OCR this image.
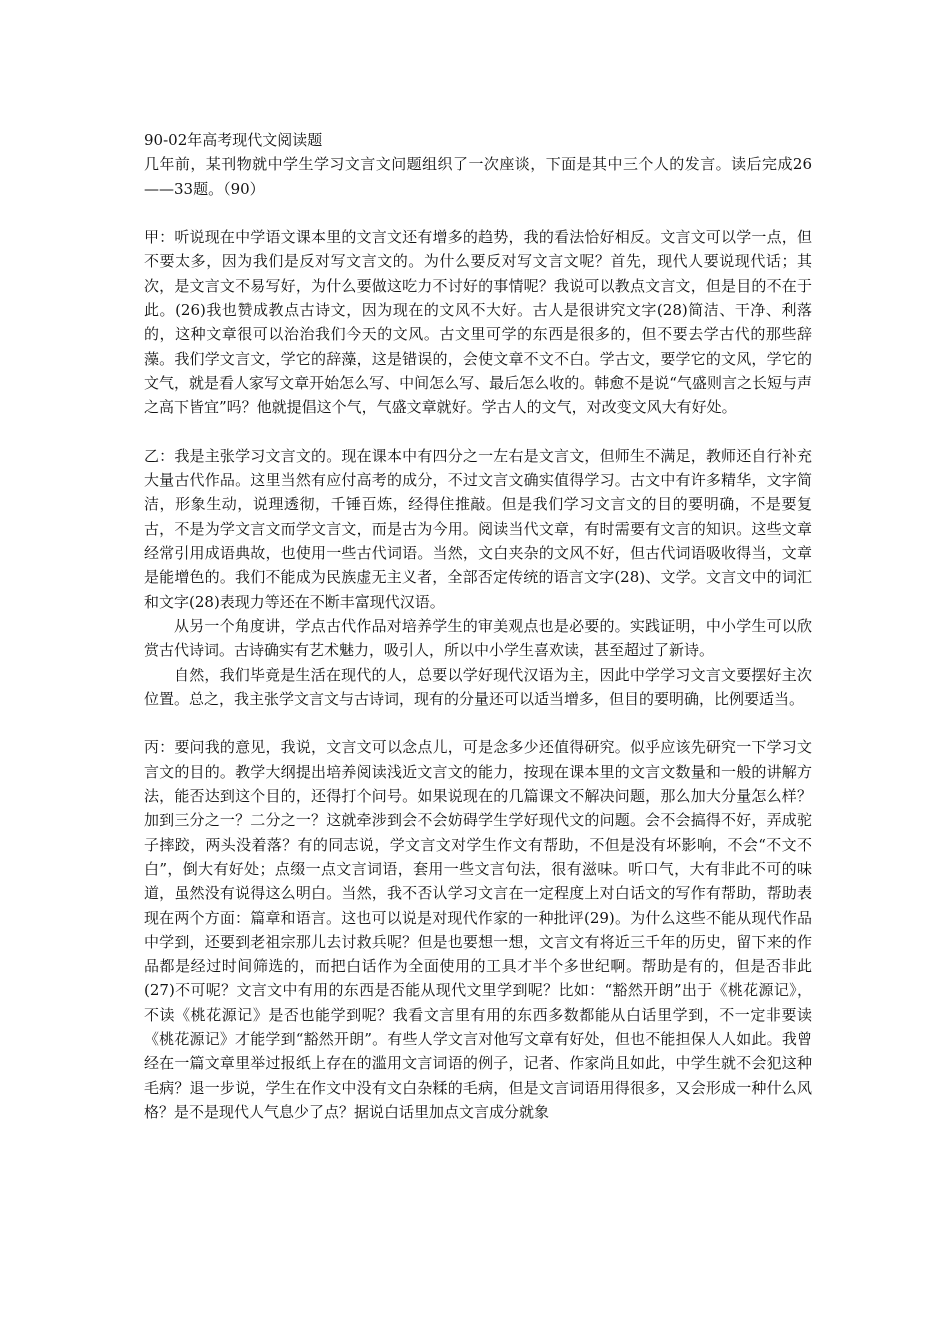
90-02年高考现代文阅读题

几年前，某刊物就中学生学习文言文问题组织了一次座谈，下面是其中三个人的发言。读后完成26——33题。（90）

甲：听说现在中学语文课本里的文言文还有增多的趋势，我的看法恰好相反。文言文可以学一点，但不要太多，因为我们是反对写文言文的。为什么要反对写文言文呢？首先，现代人要说现代话；其次，是文言文不易写好，为什么要做这吃力不讨好的事情呢？我说可以教点文言文，但是目的不在于此。(26)我也赞成教点古诗文，因为现在的文风不大好。古人是很讲究文字(28)简洁、干净、利落的，这种文章很可以治治我们今天的文风。古文里可学的东西是很多的，但不要去学古代的那些辞藻。我们学文言文，学它的辞藻，这是错误的，会使文章不文不白。学古文，要学它的文风，学它的文气，就是看人家写文章开始怎么写、中间怎么写、最后怎么收的。韩愈不是说“气盛则言之长短与声之高下皆宜”吗？他就提倡这个气，气盛文章就好。学古人的文气，对改变文风大有好处。

乙：我是主张学习文言文的。现在课本中有四分之一左右是文言文，但师生不满足，教师还自行补充大量古代作品。这里当然有应付高考的成分，不过文言文确实值得学习。古文中有许多精华，文字简洁，形象生动，说理透彻，千锤百炼，经得住推敲。但是我们学习文言文的目的要明确，不是要复古，不是为学文言文而学文言文，而是古为今用。阅读当代文章，有时需要有文言的知识。这些文章经常引用成语典故，也使用一些古代词语。当然，文白夹杂的文风不好，但古代词语吸收得当，文章是能增色的。我们不能成为民族虚无主义者，全部否定传统的语言文字(28)、文学。文言文中的词汇和文字(28)表现力等还在不断丰富现代汉语。

从另一个角度讲，学点古代作品对培养学生的审美观点也是必要的。实践证明，中小学生可以欣赏古代诗词。古诗确实有艺术魅力，吸引人，所以中小学生喜欢读，甚至超过了新诗。

自然，我们毕竟是生活在现代的人，总要以学好现代汉语为主，因此中学学习文言文要摆好主次位置。总之，我主张学文言文与古诗词，现有的分量还可以适当增多，但目的要明确，比例要适当。

丙：要问我的意见，我说，文言文可以念点儿，可是念多少还值得研究。似乎应该先研究一下学习文言文的目的。教学大纲提出培养阅读浅近文言文的能力，按现在课本里的文言文数量和一般的讲解方法，能否达到这个目的，还得打个问号。如果说现在的几篇课文不解决问题，那么加大分量怎么样？加到三分之一？二分之一？这就牵涉到会不会妨碍学生学好现代文的问题。会不会搞得不好，弄成驼子摔跤，两头没着落？有的同志说，学文言文对学生作文有帮助，不但是没有坏影响，不会“不文不白”，倒大有好处；点缀一点文言词语，套用一些文言句法，很有滋味。听口气，大有非此不可的味道，虽然没有说得这么明白。当然，我不否认学习文言在一定程度上对白话文的写作有帮助，帮助表现在两个方面：篇章和语言。这也可以说是对现代作家的一种批评(29)。为什么这些不能从现代作品中学到，还要到老祖宗那儿去讨救兵呢？但是也要想一想，文言文有将近三千年的历史，留下来的作品都是经过时间筛选的，而把白话作为全面使用的工具才半个多世纪啊。帮助是有的，但是否非此(27)不可呢？文言文中有用的东西是否能从现代文里学到呢？比如：“豁然开朗”出于《桃花源记》，不读《桃花源记》是否也能学到呢？我看文言里有用的东西多数都能从白话里学到，不一定非要读《桃花源记》才能学到“豁然开朗”。有些人学文言对他写文章有好处，但也不能担保人人如此。我曾经在一篇文章里举过报纸上存在的滥用文言词语的例子，记者、作家尚且如此，中学生就不会犯这种毛病？退一步说，学生在作文中没有文白杂糅的毛病，但是文言词语用得很多，又会形成一种什么风格？是不是现代人气息少了点？据说白话里加点文言成分就象
